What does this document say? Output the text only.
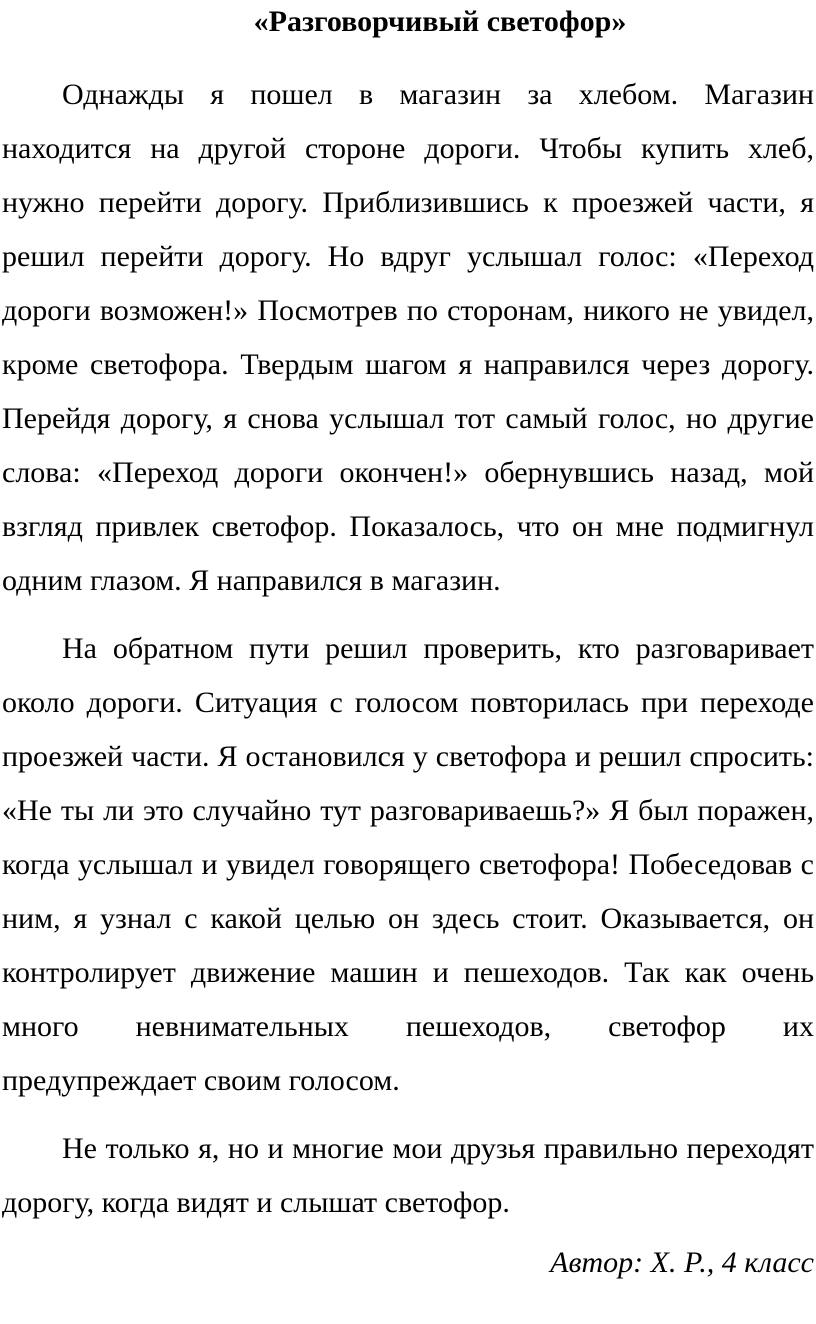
«Разговорчивый светофор»

Однажды я пошел в магазин за хлебом. Магазин находится на другой стороне дороги. Чтобы купить хлеб, нужно перейти дорогу. Приблизившись к проезжей части, я решил перейти дорогу. Но вдруг услышал голос: «Переход дороги возможен!» Посмотрев по сторонам, никого не увидел, кроме светофора. Твердым шагом я направился через дорогу. Перейдя дорогу, я снова услышал тот самый голос, но другие слова: «Переход дороги окончен!» обернувшись назад, мой взгляд привлек светофор. Показалось, что он мне подмигнул одним глазом. Я направился в магазин.

На обратном пути решил проверить, кто разговаривает около дороги. Ситуация с голосом повторилась при переходе проезжей части. Я остановился у светофора и решил спросить: «Не ты ли это случайно тут разговариваешь?» Я был поражен, когда услышал и увидел говорящего светофора! Побеседовав с ним, я узнал с какой целью он здесь стоит. Оказывается, он контролирует движение машин и пешеходов. Так как очень много невнимательных пешеходов, светофор их предупреждает своим голосом.

Не только я, но и многие мои друзья правильно переходят дорогу, когда видят и слышат светофор.

Автор: Х. Р., 4 класс
